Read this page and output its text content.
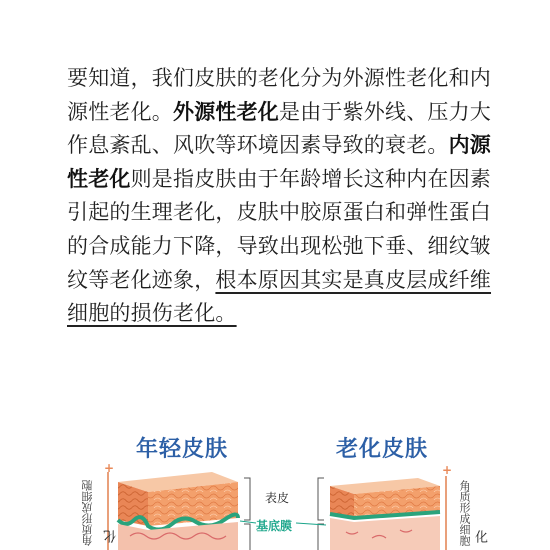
要知道，我们皮肤的老化分为外源性老化和内
源性老化。外源性老化是由于紫外线、压力大
作息紊乱、风吹等环境因素导致的衰老。内源
性老化则是指皮肤由于年龄增长这种内在因素
引起的生理老化，皮肤中胶原蛋白和弹性蛋白
的合成能力下降，导致出现松弛下垂、细纹皱
纹等老化迹象，根本原因其实是真皮层成纤维
细胞的损伤老化。
+	+
年轻皮肤	老化皮肤
表皮
基底膜
角质形成细胞	角质形成细胞
化	化
